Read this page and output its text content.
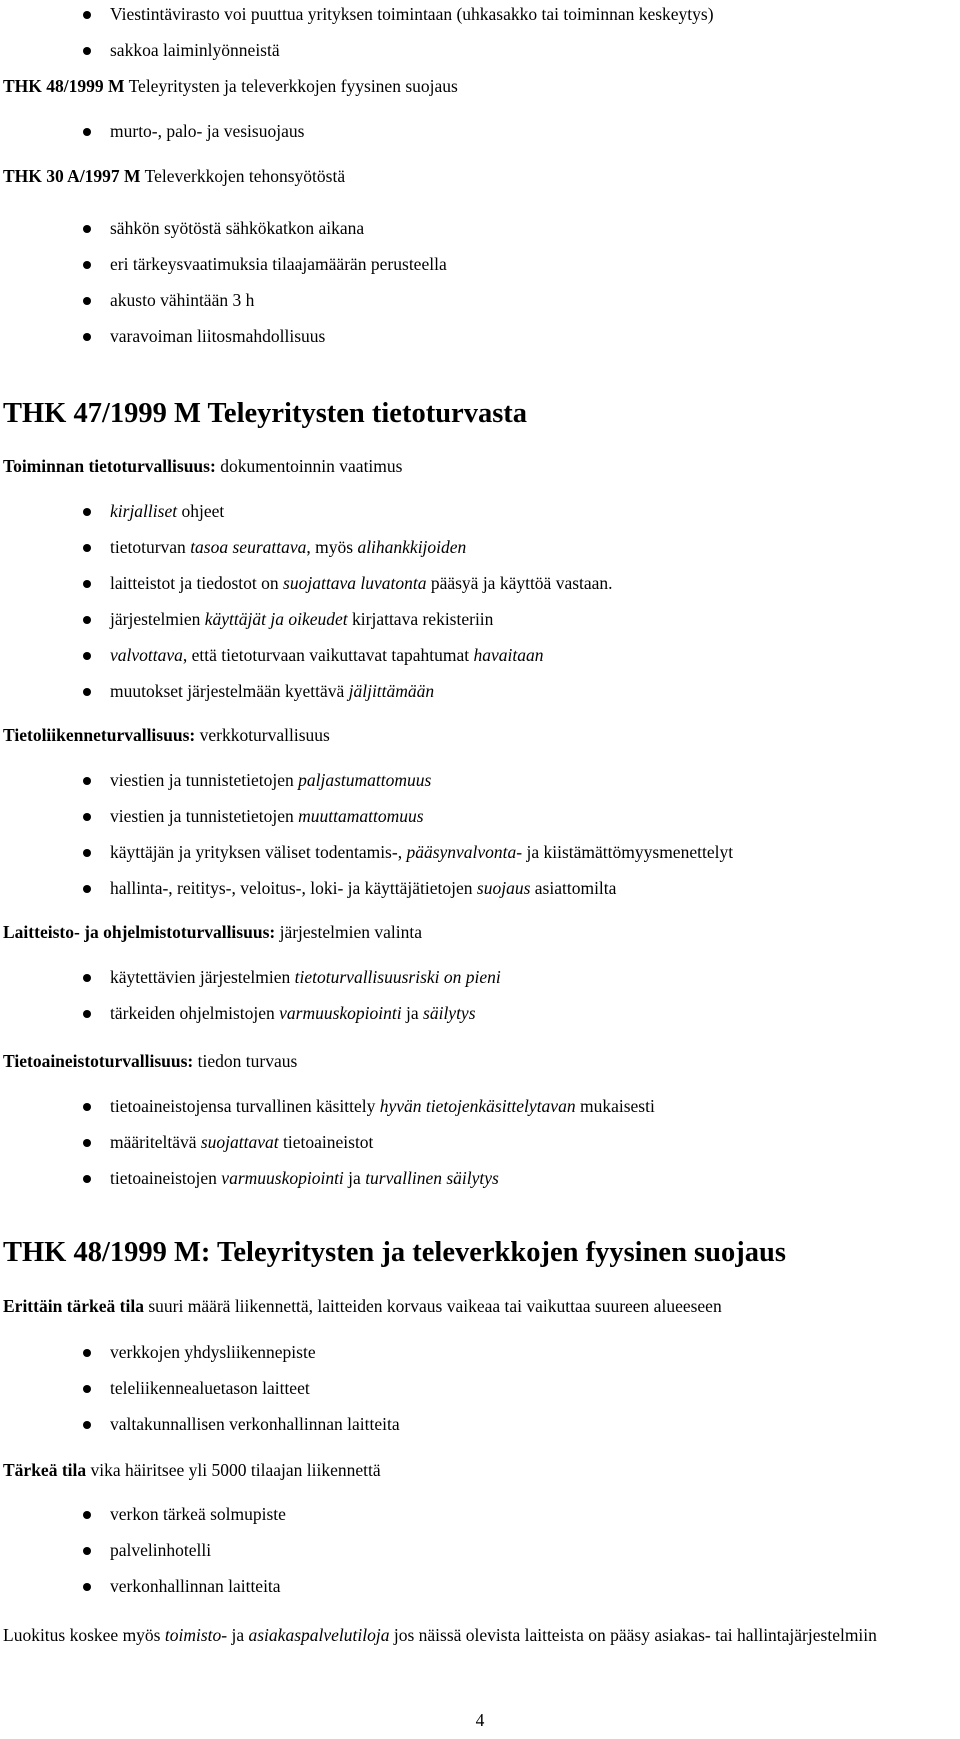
Viestintävirasto voi puuttua yrityksen toimintaan (uhkasakko tai toiminnan keskeytys)
sakkoa laiminlyönneistä

THK 48/1999 M Teleyritysten ja televerkkojen fyysinen suojaus

murto-, palo- ja vesisuojaus

THK 30 A/1997 M Televerkkojen tehonsyötöstä

sähkön syötöstä sähkökatkon aikana
eri tärkeysvaatimuksia tilaajamäärän perusteella
akusto vähintään 3 h
varavoiman liitosmahdollisuus
THK 47/1999 M Teleyritysten tietoturvasta

Toiminnan tietoturvallisuus: dokumentoinnin vaatimus

kirjalliset ohjeet
tietoturvan tasoa seurattava, myös alihankkijoiden
laitteistot ja tiedostot on suojattava luvatonta pääsyä ja käyttöä vastaan.
järjestelmien käyttäjät ja oikeudet kirjattava rekisteriin
valvottava, että tietoturvaan vaikuttavat tapahtumat havaitaan
muutokset järjestelmään kyettävä jäljittämään

Tietoliikenneturvallisuus: verkkoturvallisuus

viestien ja tunnistetietojen paljastumattomuus
viestien ja tunnistetietojen muuttamattomuus
käyttäjän ja yrityksen väliset todentamis-, pääsynvalvonta- ja kiistämättömyysmenettelyt
hallinta-, reititys-, veloitus-, loki- ja käyttäjätietojen suojaus asiattomilta

Laitteisto- ja ohjelmistoturvallisuus: järjestelmien valinta

käytettävien järjestelmien tietoturvallisuusriski on pieni
tärkeiden ohjelmistojen varmuuskopiointi ja säilytys

Tietoaineistoturvallisuus: tiedon turvaus

tietoaineistojensa turvallinen käsittely hyvän tietojenkäsittelytavan mukaisesti
määriteltävä suojattavat tietoaineistot
tietoaineistojen varmuuskopiointi ja turvallinen säilytys
THK 48/1999 M: Teleyritysten ja televerkkojen fyysinen suojaus

Erittäin tärkeä tila suuri määrä liikennettä, laitteiden korvaus vaikeaa tai vaikuttaa suureen alueeseen

verkkojen yhdysliikennepiste
teleliikennealuetason laitteet
valtakunnallisen verkonhallinnan laitteita

Tärkeä tila vika häiritsee yli 5000 tilaajan liikennettä

verkon tärkeä solmupiste
palvelinhotelli
verkonhallinnan laitteita

Luokitus koskee myös toimisto- ja asiakaspalvelutiloja jos näissä olevista laitteista on pääsy asiakas- tai hallintajärjestelmiin

4
